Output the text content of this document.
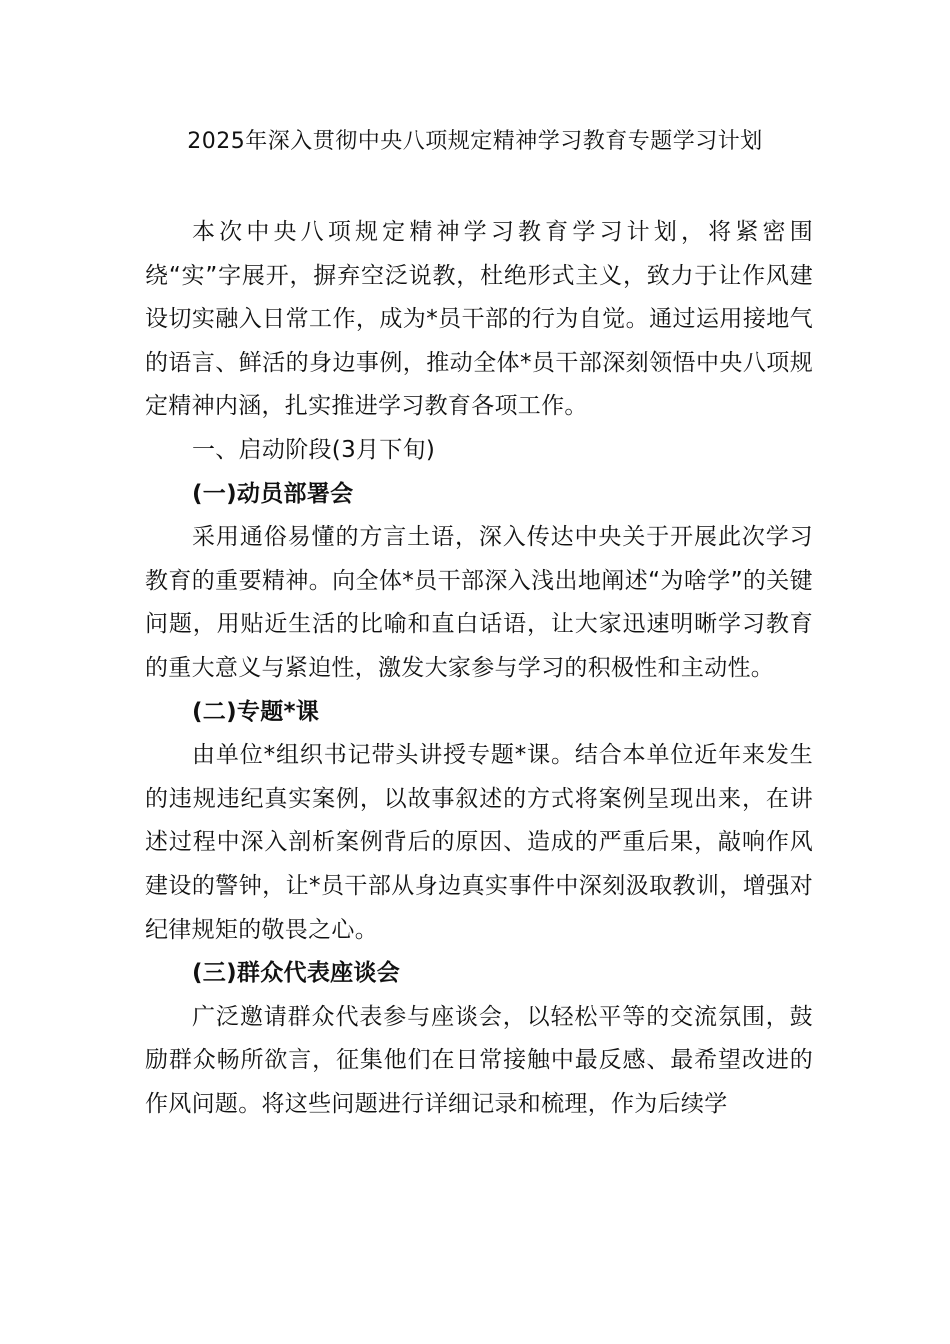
2025年深入贯彻中央八项规定精神学习教育专题学习计划

本次中央八项规定精神学习教育学习计划，将紧密围绕“实”字展开，摒弃空泛说教，杜绝形式主义，致力于让作风建设切实融入日常工作，成为*员干部的行为自觉。通过运用接地气的语言、鲜活的身边事例，推动全体*员干部深刻领悟中央八项规定精神内涵，扎实推进学习教育各项工作。

一、启动阶段(3月下旬)

(一)动员部署会

采用通俗易懂的方言土语，深入传达中央关于开展此次学习教育的重要精神。向全体*员干部深入浅出地阐述“为啥学”的关键问题，用贴近生活的比喻和直白话语，让大家迅速明晰学习教育的重大意义与紧迫性，激发大家参与学习的积极性和主动性。

(二)专题*课

由单位*组织书记带头讲授专题*课。结合本单位近年来发生的违规违纪真实案例，以故事叙述的方式将案例呈现出来，在讲述过程中深入剖析案例背后的原因、造成的严重后果，敲响作风建设的警钟，让*员干部从身边真实事件中深刻汲取教训，增强对纪律规矩的敬畏之心。

(三)群众代表座谈会

广泛邀请群众代表参与座谈会，以轻松平等的交流氛围，鼓励群众畅所欲言，征集他们在日常接触中最反感、最希望改进的作风问题。将这些问题进行详细记录和梳理，作为后续学
